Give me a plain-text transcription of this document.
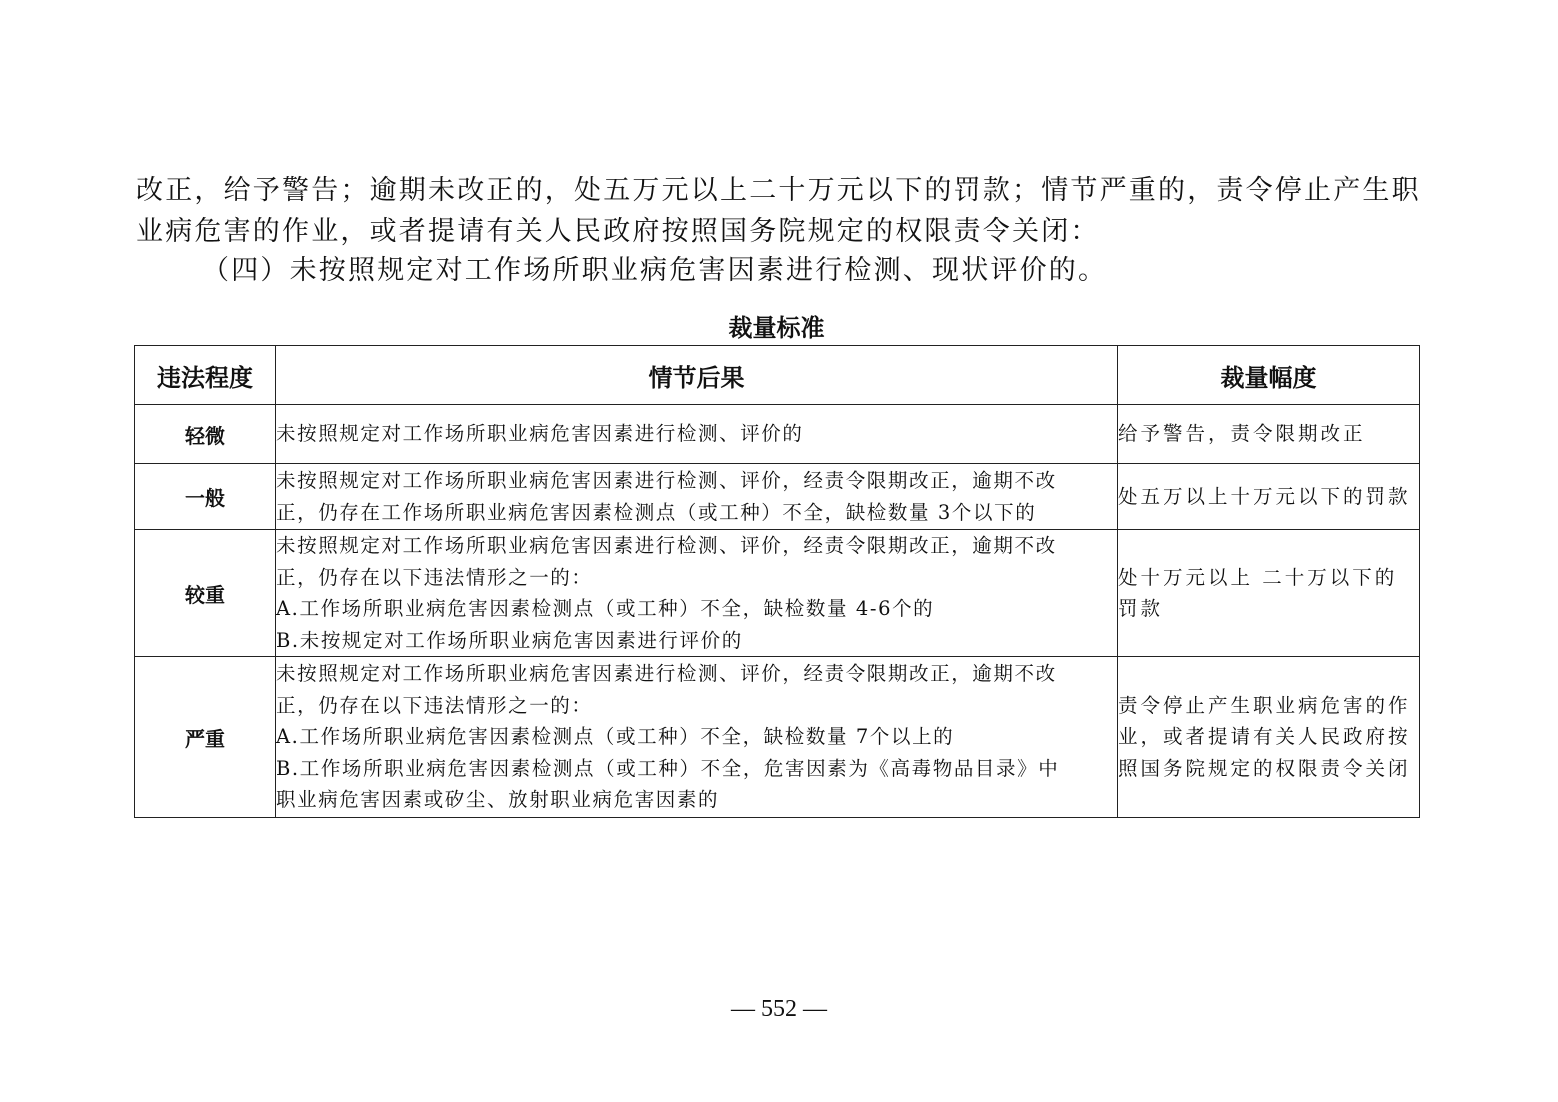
改正，给予警告；逾期未改正的，处五万元以上二十万元以下的罚款；情节严重的，责令停止产生职
业病危害的作业，或者提请有关人民政府按照国务院规定的权限责令关闭：
（四）未按照规定对工作场所职业病危害因素进行检测、现状评价的。
裁量标准
违法程度	情节后果	裁量幅度
轻微	未按照规定对工作场所职业病危害因素进行检测、评价的	给予警告，责令限期改正

一般	未按照规定对工作场所职业病危害因素进行检测、评价，经责令限期改正，逾期不改
正，仍存在工作场所职业病危害因素检测点（或工种）不全，缺检数量 3个以下的	处五万以上十万元以下的罚款

较重	未按照规定对工作场所职业病危害因素进行检测、评价，经责令限期改正，逾期不改
正，仍存在以下违法情形之一的：
A.工作场所职业病危害因素检测点（或工种）不全，缺检数量 4-6个的
B.未按规定对工作场所职业病危害因素进行评价的	处十万元以上 二十万以下的罚款

严重	未按照规定对工作场所职业病危害因素进行检测、评价，经责令限期改正，逾期不改
正，仍存在以下违法情形之一的：
A.工作场所职业病危害因素检测点（或工种）不全，缺检数量 7个以上的
B.工作场所职业病危害因素检测点（或工种）不全，危害因素为《高毒物品目录》中
职业病危害因素或矽尘、放射职业病危害因素的	责令停止产生职业病危害的作业，或者提请有关人民政府按照国务院规定的权限责令关闭
— 552 —
